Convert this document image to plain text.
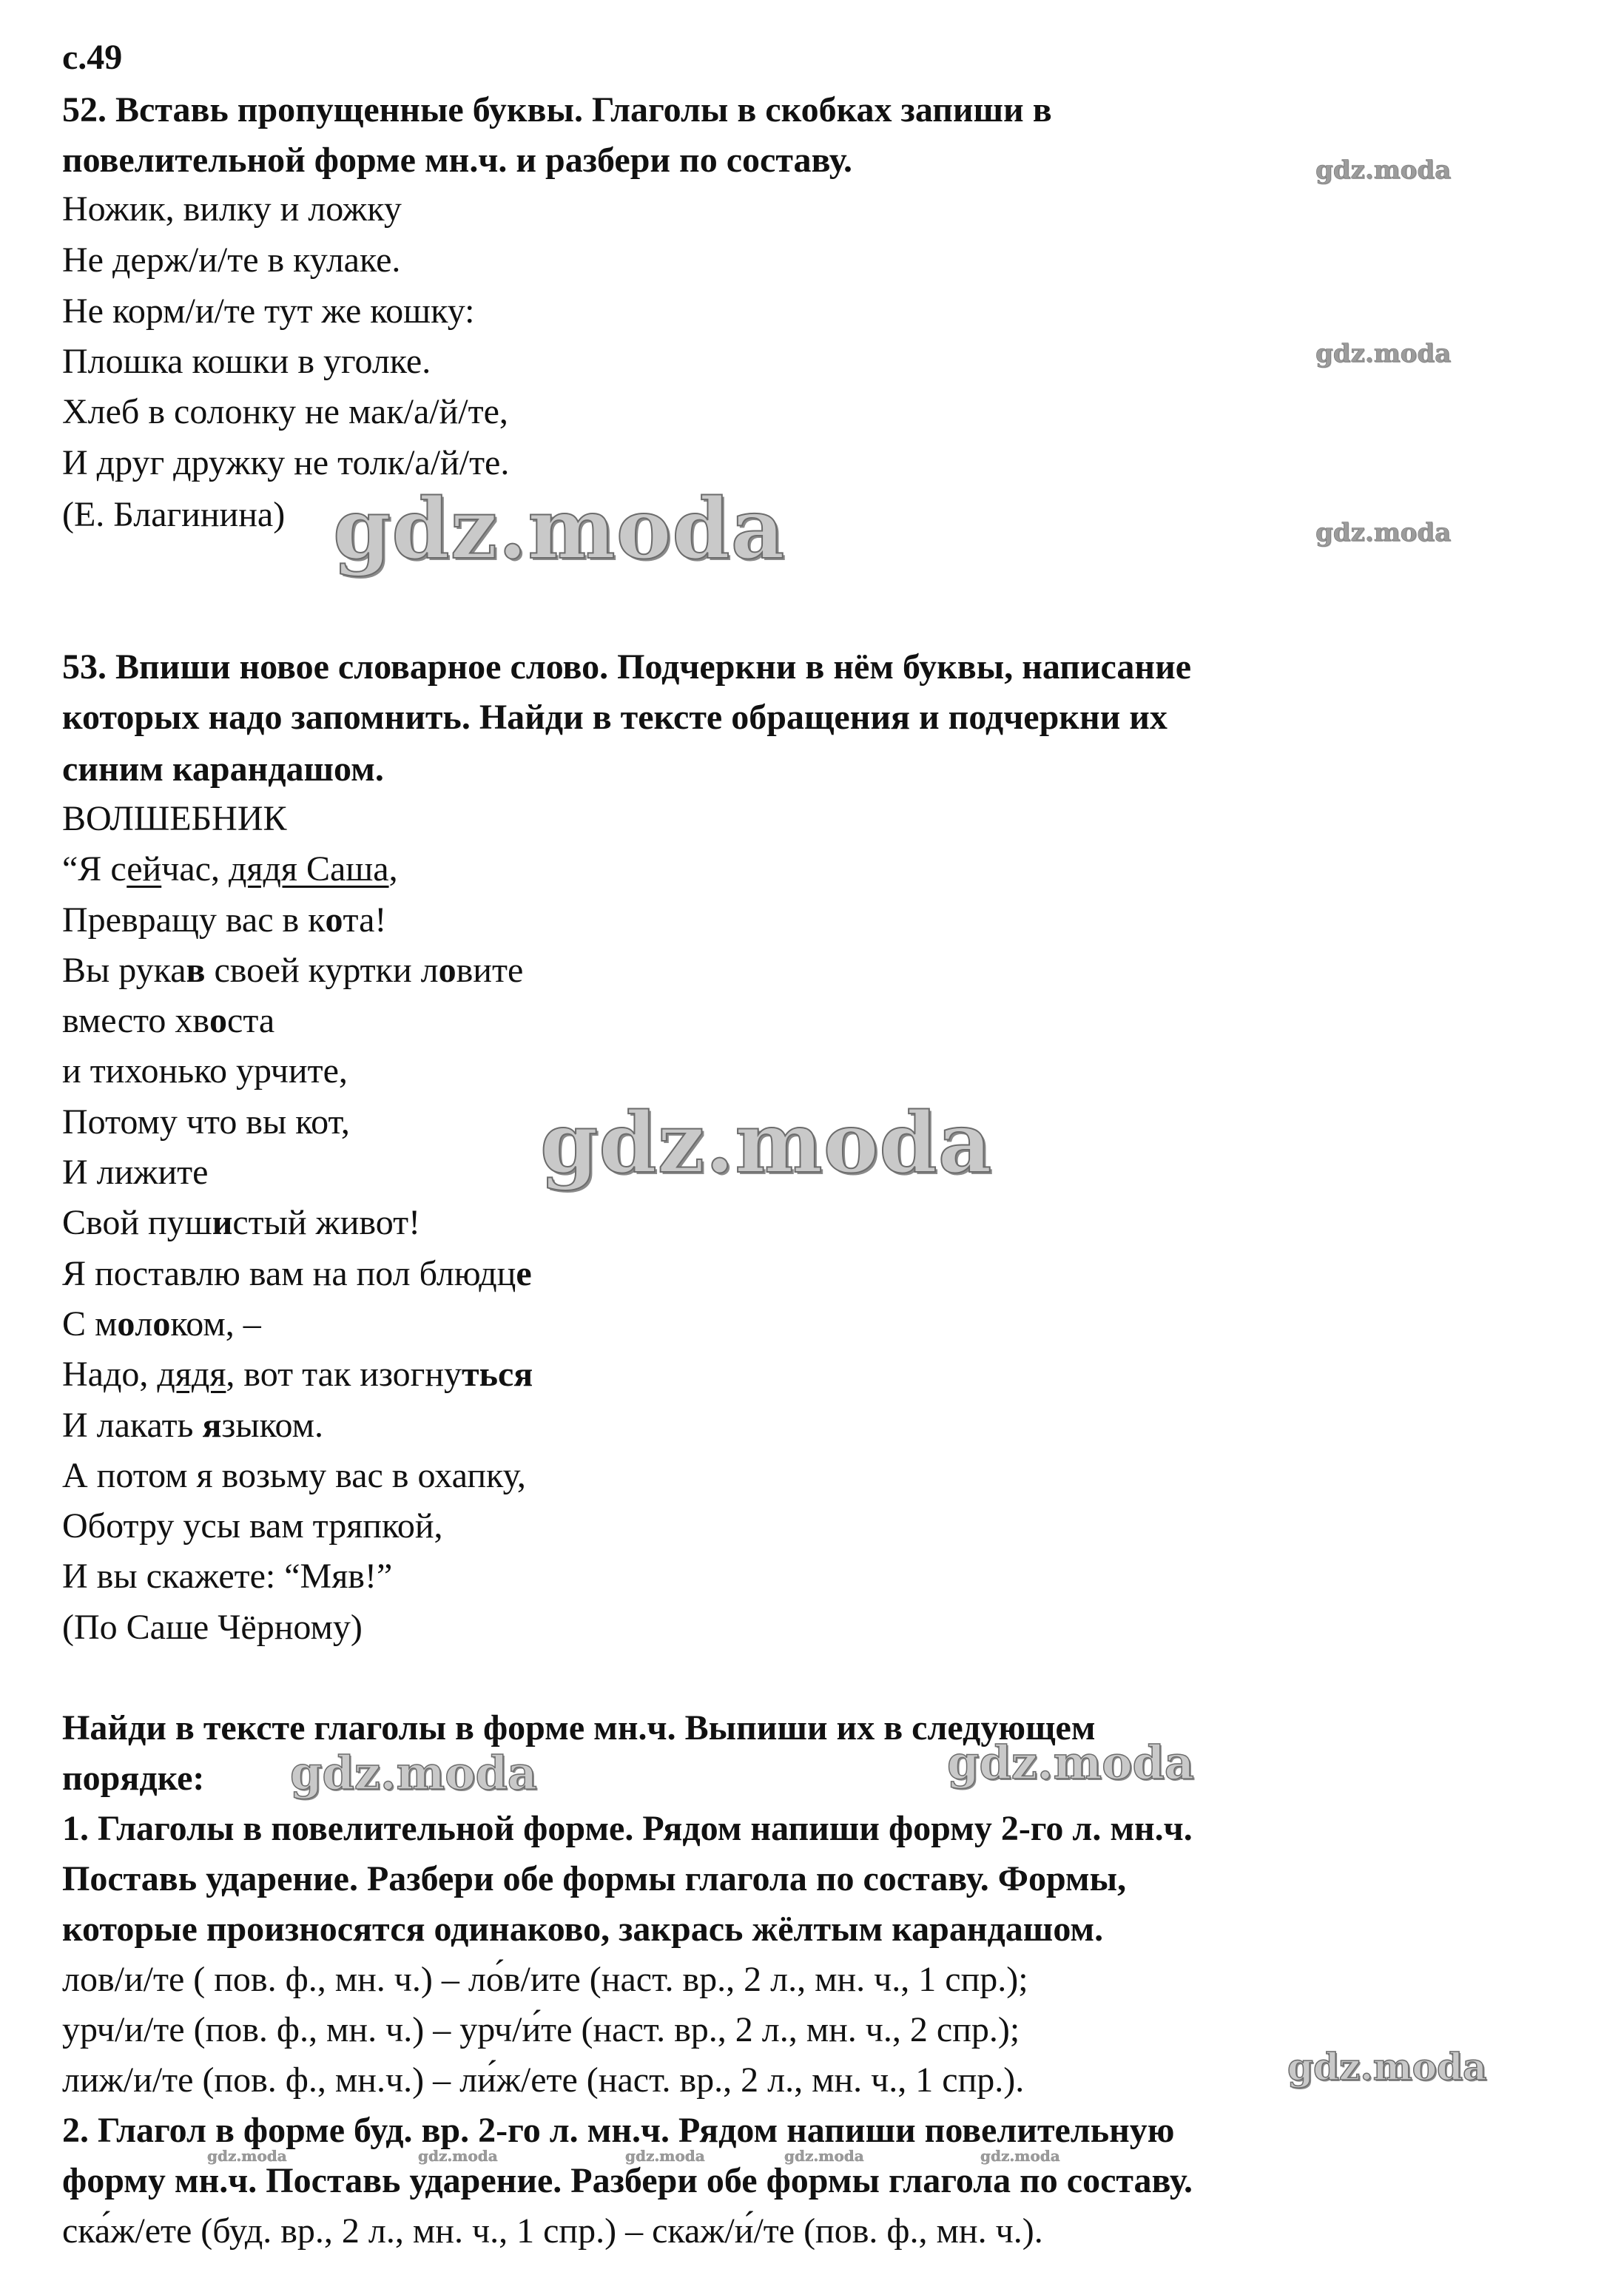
с.49
52. Вставь пропущенные буквы. Глаголы в скобках запиши в
повелительной форме мн.ч. и разбери по составу.
Ножик, вилку и ложку
Не держ/и/те в кулаке.
Не корм/и/те тут же кошку:
Плошка кошки в уголке.
Хлеб в солонку не мак/а/й/те,
И друг дружку не толк/а/й/те.
(Е. Благинина)
53. Впиши новое словарное слово. Подчеркни в нём буквы, написание
которых надо запомнить. Найди в тексте обращения и подчеркни их
синим карандашом.
ВОЛШЕБНИК
“Я сейчас, дядя Саша,
Превращу вас в кота!
Вы рукав своей куртки ловите
вместо хвоста
и тихонько урчите,
Потому что вы кот,
И лижите
Свой пушистый живот!
Я поставлю вам на пол блюдце
С молоком, –
Надо, дядя, вот так изогнуться
И лакать языком.
А потом я возьму вас в охапку,
Оботру усы вам тряпкой,
И вы скажете: “Мяв!”
(По Саше Чёрному)
Найди в тексте глаголы в форме мн.ч. Выпиши их в следующем
порядке:
1. Глаголы в повелительной форме. Рядом напиши форму 2-го л. мн.ч.
Поставь ударение. Разбери обе формы глагола по составу. Формы,
которые произносятся одинаково, закрась жёлтым карандашом.
лов/и/те ( пов. ф., мн. ч.) – ло́в/ите (наст. вр., 2 л., мн. ч., 1 спр.);
урч/и/те (пов. ф., мн. ч.) – урч/и́те (наст. вр., 2 л., мн. ч., 2 спр.);
лиж/и/те (пов. ф., мн.ч.) – ли́ж/ете (наст. вр., 2 л., мн. ч., 1 спр.).
2. Глагол в форме буд. вр. 2-го л. мн.ч. Рядом напиши повелительную
форму мн.ч. Поставь ударение. Разбери обе формы глагола по составу.
ска́ж/ете (буд. вр., 2 л., мн. ч., 1 спр.) – скаж/и́/те (пов. ф., мн. ч.).
gdz.moda
gdz.moda
gdz.moda
gdz.moda
gdz.moda
gdz.moda	gdz.moda
gdz.moda
gdz.moda	gdz.moda	gdz.moda	gdz.moda	gdz.moda
